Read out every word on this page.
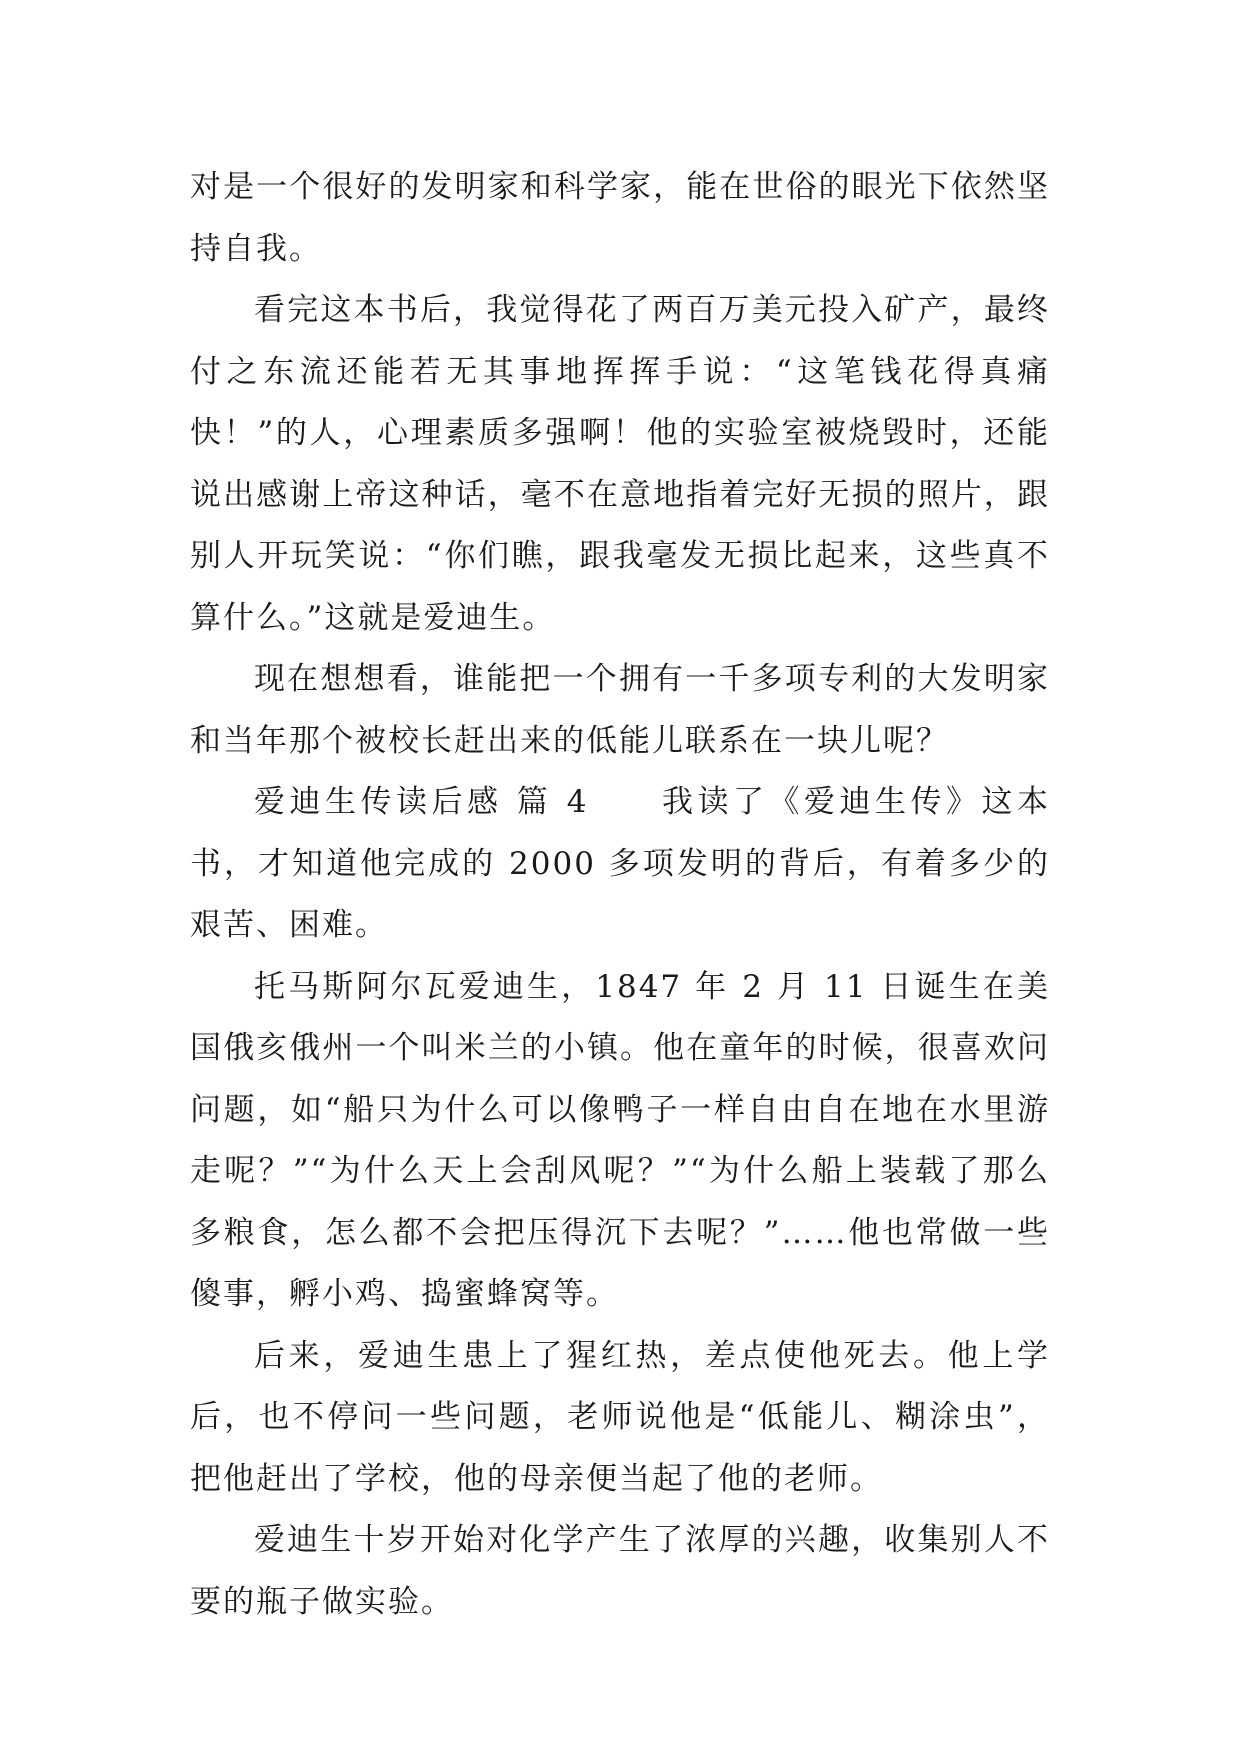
对是一个很好的发明家和科学家，能在世俗的眼光下依然坚持自我。

看完这本书后，我觉得花了两百万美元投入矿产，最终付之东流还能若无其事地挥挥手说：“这笔钱花得真痛快！”的人，心理素质多强啊！他的实验室被烧毁时，还能说出感谢上帝这种话，毫不在意地指着完好无损的照片，跟别人开玩笑说：“你们瞧，跟我毫发无损比起来，这些真不算什么。”这就是爱迪生。

现在想想看，谁能把一个拥有一千多项专利的大发明家和当年那个被校长赶出来的低能儿联系在一块儿呢？

爱迪生传读后感 篇 4　　我读了《爱迪生传》这本书，才知道他完成的 2000 多项发明的背后，有着多少的艰苦、困难。

托马斯阿尔瓦爱迪生，1847 年 2 月 11 日诞生在美国俄亥俄州一个叫米兰的小镇。他在童年的时候，很喜欢问问题，如“船只为什么可以像鸭子一样自由自在地在水里游走呢？”“为什么天上会刮风呢？”“为什么船上装载了那么多粮食，怎么都不会把压得沉下去呢？”……他也常做一些傻事，孵小鸡、捣蜜蜂窝等。

后来，爱迪生患上了猩红热，差点使他死去。他上学后，也不停问一些问题，老师说他是“低能儿、糊涂虫”，把他赶出了学校，他的母亲便当起了他的老师。

爱迪生十岁开始对化学产生了浓厚的兴趣，收集别人不要的瓶子做实验。
